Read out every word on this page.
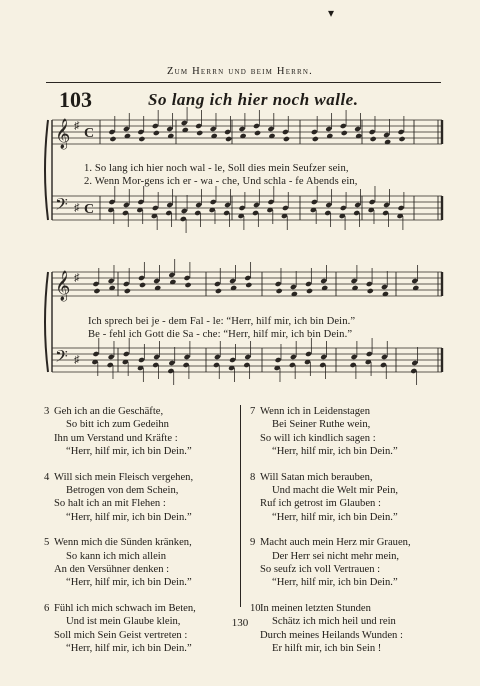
▾
Zum Herrn und beim Herrn.
103	So lang ich hier noch walle.
𝄞
𝄢
♯
♯
C
C
𝄞
𝄢
♯
♯
1. So lang ich hier noch wal - le, Soll dies mein Seufzer sein,
2. Wenn Mor-gens ich er - wa - che, Und schla - fe Abends ein,
Ich sprech bei je - dem Fal - le: “Herr, hilf mir, ich bin Dein.”
Be - fehl ich Gott die Sa - che: “Herr, hilf mir, ich bin Dein.”
3 Geh ich an die Geschäfte,
So bitt ich zum Gedeihn
Ihn um Verstand und Kräfte :
“Herr, hilf mir, ich bin Dein.”
4 Will sich mein Fleisch vergehen,
Betrogen von dem Schein,
So halt ich an mit Flehen :
“Herr, hilf mir, ich bin Dein.”
5 Wenn mich die Sünden kränken,
So kann ich mich allein
An den Versühner denken :
“Herr, hilf mir, ich bin Dein.”
6 Fühl ich mich schwach im Beten,
Und ist mein Glaube klein,
Soll mich Sein Geist vertreten :
“Herr, hilf mir, ich bin Dein.”
7 Wenn ich in Leidenstagen
Bei Seiner Ruthe wein,
So will ich kindlich sagen :
“Herr, hilf mir, ich bin Dein.”
8 Will Satan mich berauben,
Und macht die Welt mir Pein,
Ruf ich getrost im Glauben :
“Herr, hilf mir, ich bin Dein.”
9 Macht auch mein Herz mir Grauen,
Der Herr sei nicht mehr mein,
So seufz ich voll Vertrauen :
“Herr, hilf mir, ich bin Dein.”
10 In meinen letzten Stunden
Schätz ich mich heil und rein
Durch meines Heilands Wunden :
Er hilft mir, ich bin Sein !
130
